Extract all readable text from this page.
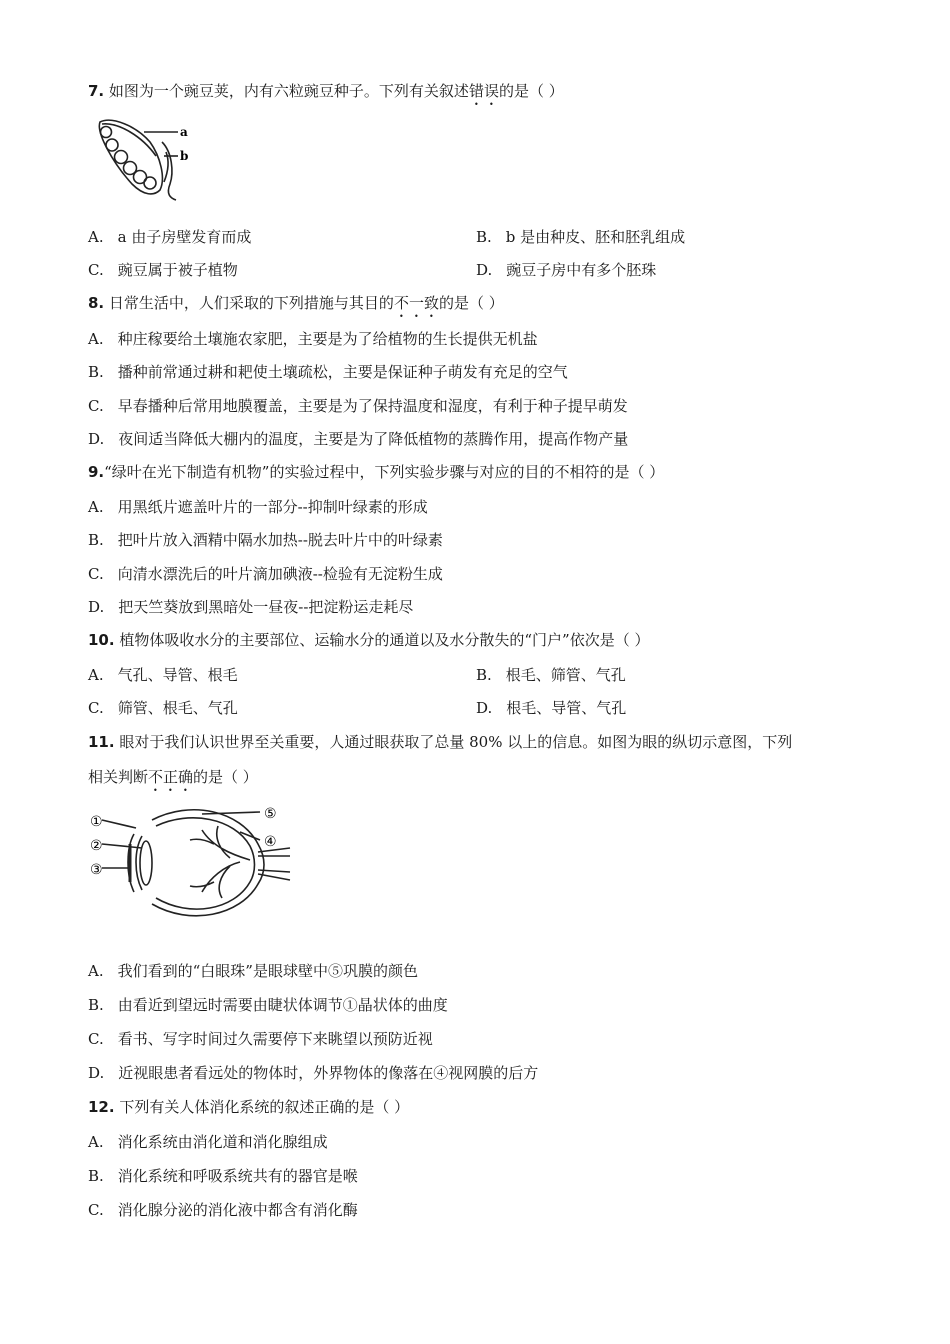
7. 如图为一个豌豆荚，内有六粒豌豆种子。下列有关叙述错误的是（ ）
a
b
A. a 由子房壁发育而成	B. b 是由种皮、胚和胚乳组成
C. 豌豆属于被子植物	D. 豌豆子房中有多个胚珠
8. 日常生活中，人们采取的下列措施与其目的不一致的是（ ）
A. 种庄稼要给土壤施农家肥，主要是为了给植物的生长提供无机盐
B. 播种前常通过耕和耙使土壤疏松，主要是保证种子萌发有充足的空气
C. 早春播种后常用地膜覆盖，主要是为了保持温度和湿度，有利于种子提早萌发
D. 夜间适当降低大棚内的温度，主要是为了降低植物的蒸腾作用，提高作物产量
9.“绿叶在光下制造有机物”的实验过程中，下列实验步骤与对应的目的不相符的是（ ）
A. 用黑纸片遮盖叶片的一部分--抑制叶绿素的形成
B. 把叶片放入酒精中隔水加热--脱去叶片中的叶绿素
C. 向清水漂洗后的叶片滴加碘液--检验有无淀粉生成
D. 把天竺葵放到黑暗处一昼夜--把淀粉运走耗尽
10. 植物体吸收水分的主要部位、运输水分的通道以及水分散失的“门户”依次是（ ）
A. 气孔、导管、根毛	B. 根毛、筛管、气孔
C. 筛管、根毛、气孔	D. 根毛、导管、气孔
11. 眼对于我们认识世界至关重要，人通过眼获取了总量 80% 以上的信息。如图为眼的纵切示意图，下列
相关判断不正确的是（ ）
①
②
③
④
⑤
A. 我们看到的“白眼珠”是眼球壁中⑤巩膜的颜色
B. 由看近到望远时需要由睫状体调节①晶状体的曲度
C. 看书、写字时间过久需要停下来眺望以预防近视
D. 近视眼患者看远处的物体时，外界物体的像落在④视网膜的后方
12. 下列有关人体消化系统的叙述正确的是（ ）
A. 消化系统由消化道和消化腺组成
B. 消化系统和呼吸系统共有的器官是喉
C. 消化腺分泌的消化液中都含有消化酶
